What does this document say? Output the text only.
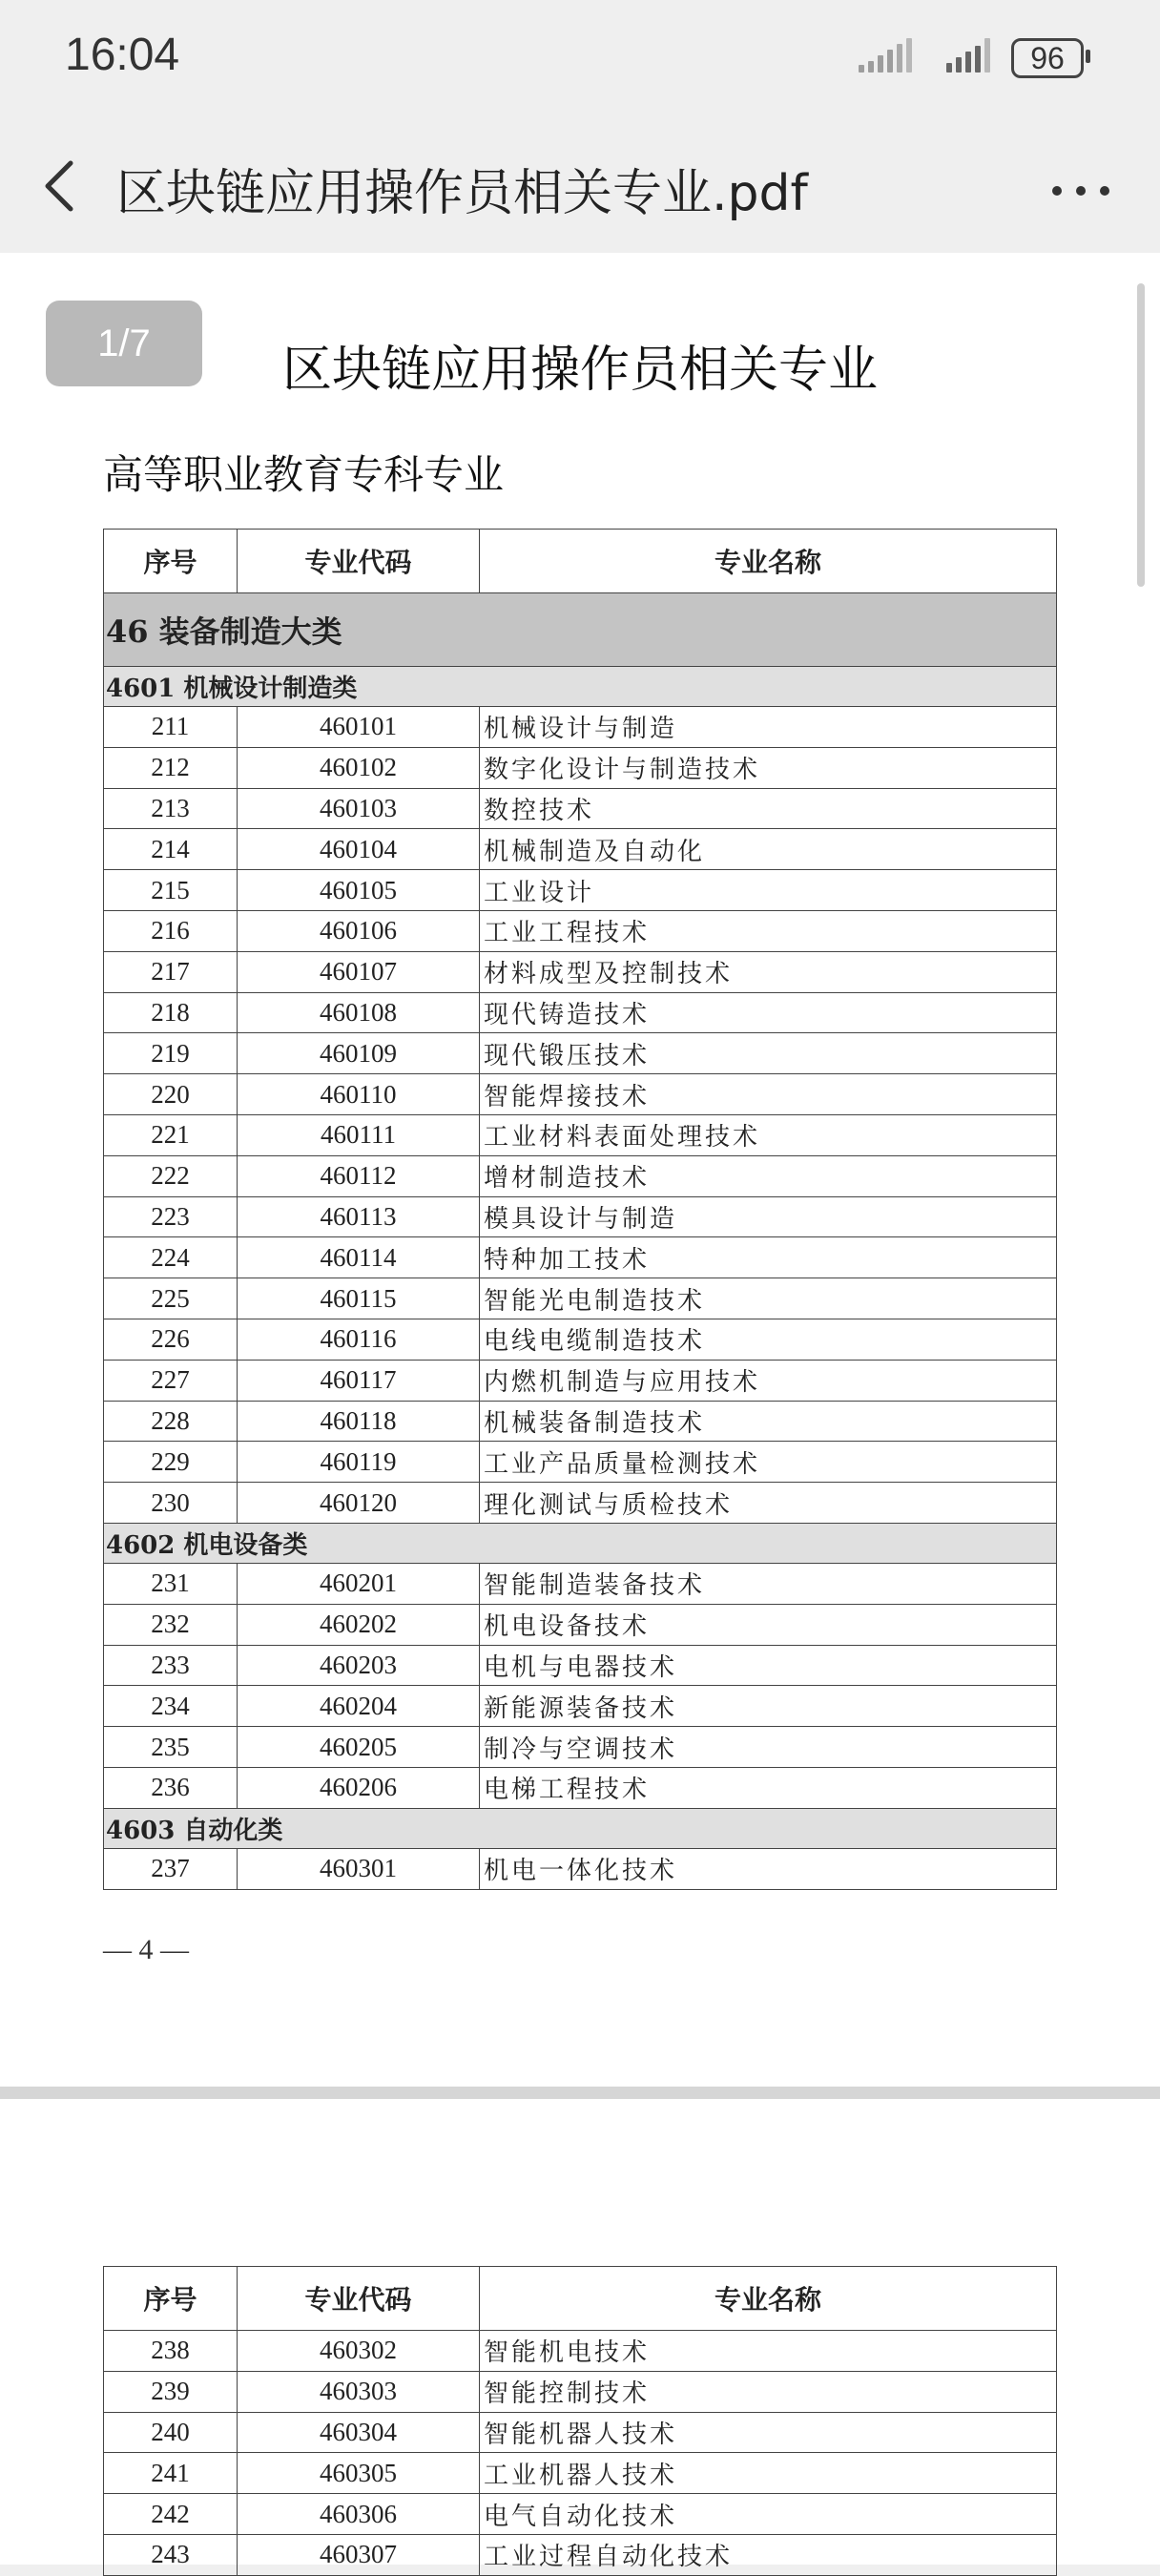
16:04	96
区块链应用操作员相关专业.pdf
1/7	区块链应用操作员相关专业
高等职业教育专科专业
序号	专业代码	专业名称
46 装备制造大类		
4601 机械设计制造类		
211	460101	机械设计与制造
212	460102	数字化设计与制造技术
213	460103	数控技术
214	460104	机械制造及自动化
215	460105	工业设计
216	460106	工业工程技术
217	460107	材料成型及控制技术
218	460108	现代铸造技术
219	460109	现代锻压技术
220	460110	智能焊接技术
221	460111	工业材料表面处理技术
222	460112	增材制造技术
223	460113	模具设计与制造
224	460114	特种加工技术
225	460115	智能光电制造技术
226	460116	电线电缆制造技术
227	460117	内燃机制造与应用技术
228	460118	机械装备制造技术
229	460119	工业产品质量检测技术
230	460120	理化测试与质检技术
4602 机电设备类		
231	460201	智能制造装备技术
232	460202	机电设备技术
233	460203	电机与电器技术
234	460204	新能源装备技术
235	460205	制冷与空调技术
236	460206	电梯工程技术
4603 自动化类		
237	460301	机电一体化技术
— 4 —
序号	专业代码	专业名称
238	460302	智能机电技术
239	460303	智能控制技术
240	460304	智能机器人技术
241	460305	工业机器人技术
242	460306	电气自动化技术
243	460307	工业过程自动化技术
